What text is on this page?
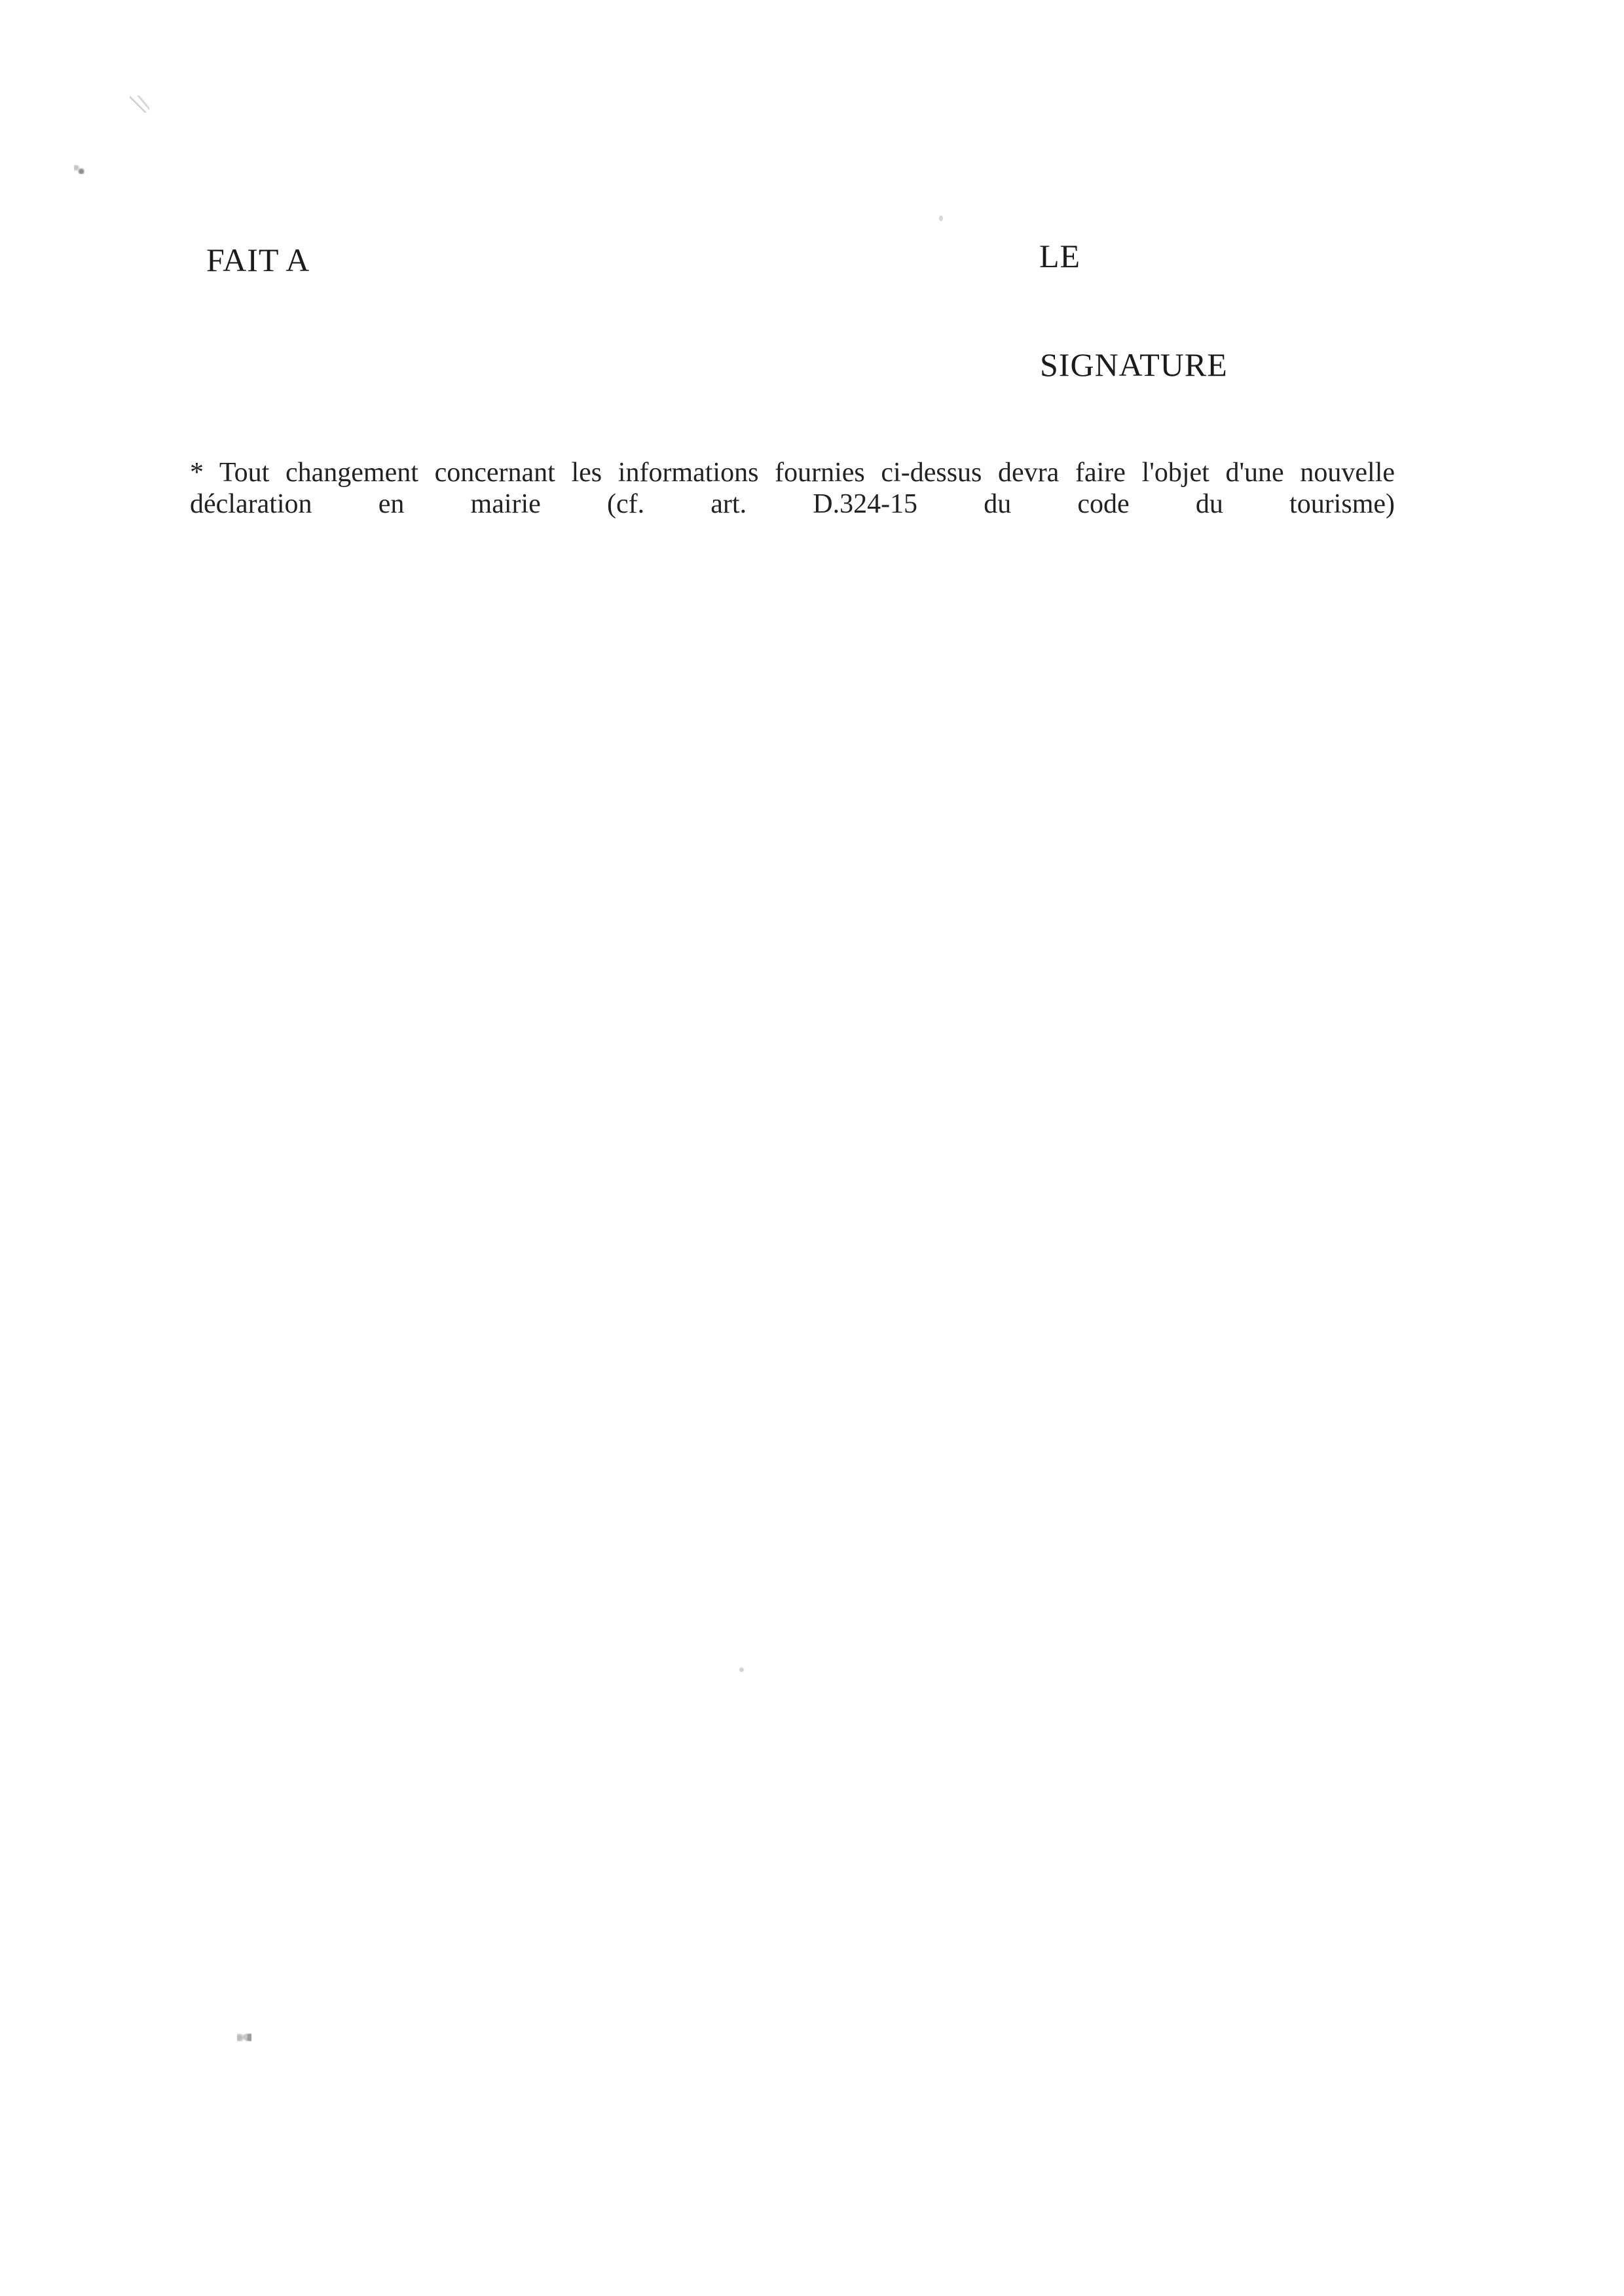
FAIT A	LE
SIGNATURE
* Tout changement concernant les informations fournies ci-dessus devra faire l'objet d'une nouvelle
déclaration en mairie (cf. art. D.324-15 du code du tourisme)
